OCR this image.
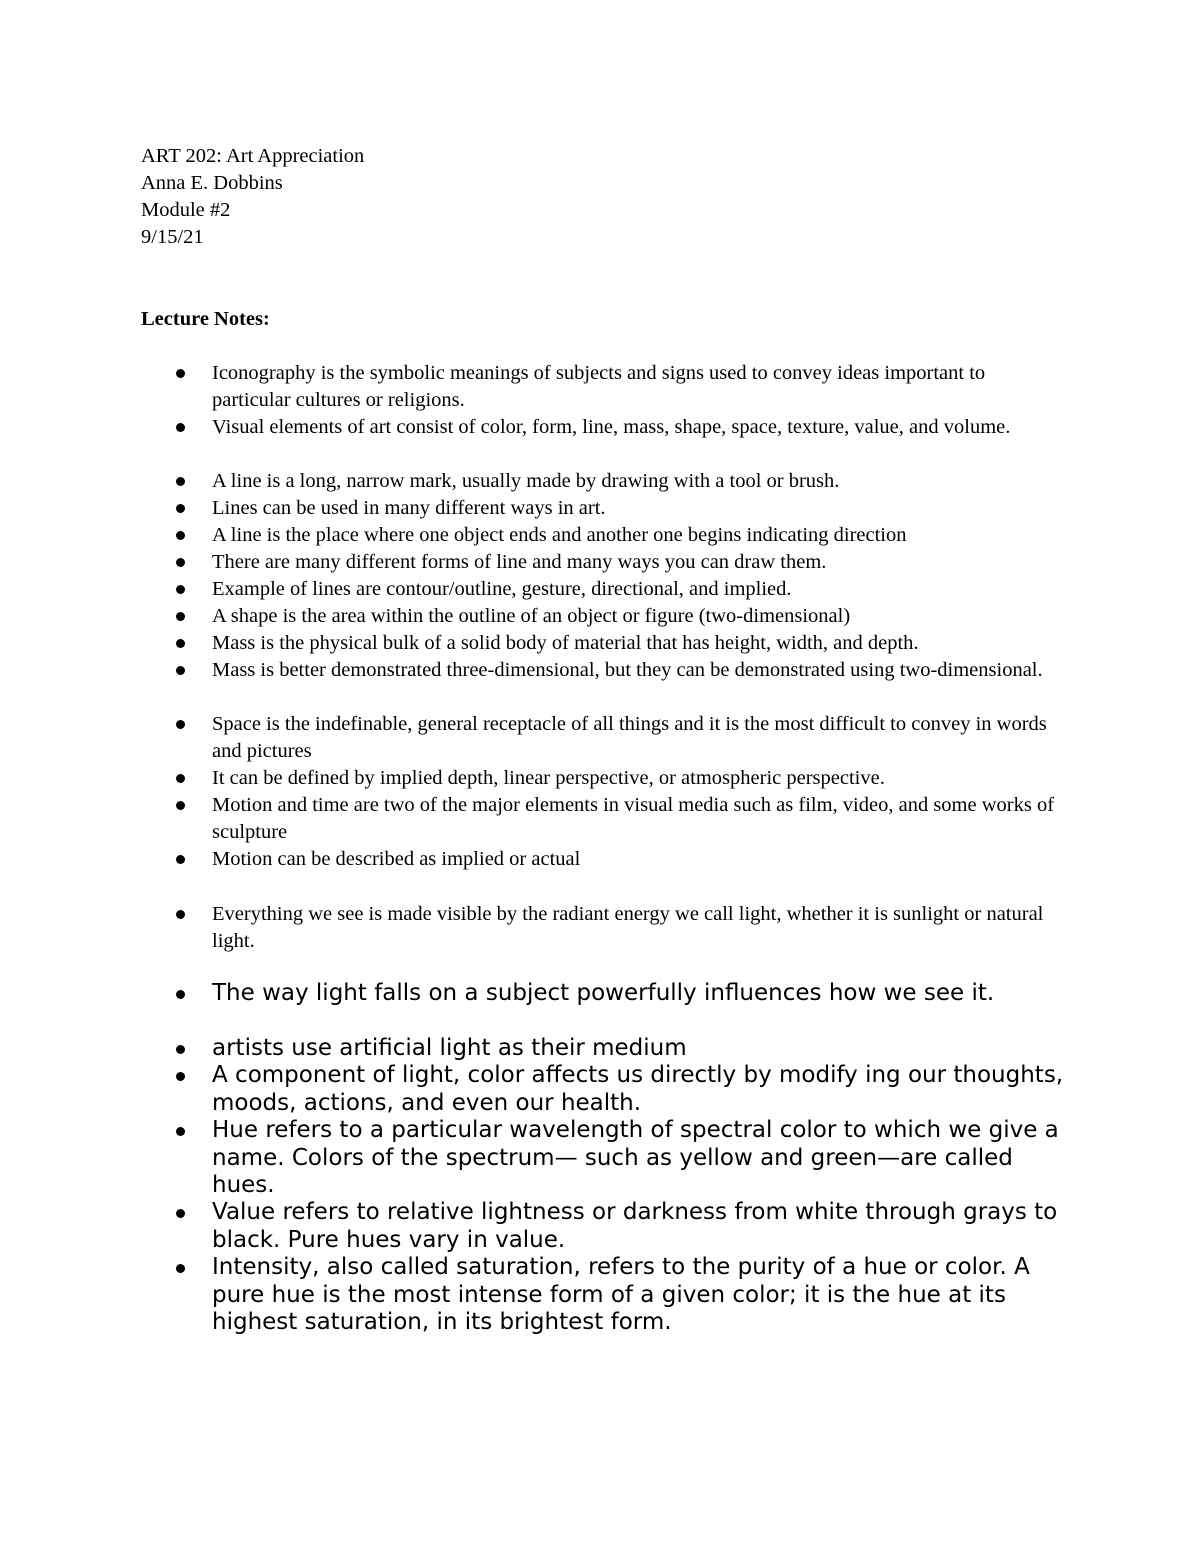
ART 202: Art Appreciation
Anna E. Dobbins
Module #2
9/15/21
Lecture Notes:
Iconography is the symbolic meanings of subjects and signs used to convey ideas important to particular cultures or religions.
Visual elements of art consist of color, form, line, mass, shape, space, texture, value, and volume.
A line is a long, narrow mark, usually made by drawing with a tool or brush.
Lines can be used in many different ways in art.
A line is the place where one object ends and another one begins indicating direction
There are many different forms of line and many ways you can draw them.
Example of lines are contour/outline, gesture, directional, and implied.
A shape is the area within the outline of an object or figure (two-dimensional)
Mass is the physical bulk of a solid body of material that has height, width, and depth.
Mass is better demonstrated three-dimensional, but they can be demonstrated using two-dimensional.
Space is the indefinable, general receptacle of all things and it is the most difficult to convey in words and pictures
It can be defined by implied depth, linear perspective, or atmospheric perspective.
Motion and time are two of the major elements in visual media such as film, video, and some works of sculpture
Motion can be described as implied or actual
Everything we see is made visible by the radiant energy we call light, whether it is sunlight or natural light.
The way light falls on a subject powerfully influences how we see it.
artists use artificial light as their medium
A component of light, color affects us directly by modify ing our thoughts, moods, actions, and even our health.
Hue refers to a particular wavelength of spectral color to which we give a name. Colors of the spectrum— such as yellow and green—are called hues.
Value refers to relative lightness or darkness from white through grays to black. Pure hues vary in value.
Intensity, also called saturation, refers to the purity of a hue or color. A pure hue is the most intense form of a given color; it is the hue at its highest saturation, in its brightest form.
